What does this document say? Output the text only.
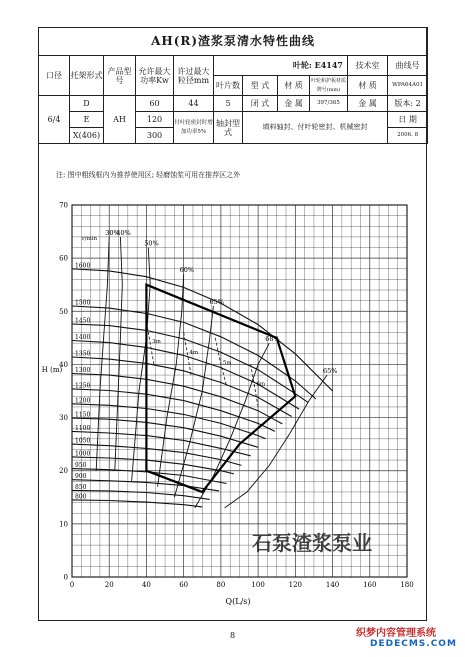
AH(R)渣浆泵清水特性曲线										
口径	托架形式	产品型号	允许最大功率Kw	许过最大粒径mm	叶轮: E4147				技术室	曲线号
					叶片数	型 式	材 质	叶轮和护板材质牌号(mm)	材 质	WPA64A01
6/4	D	AH	60	44	5	闭 式	金 属	397/365	金 属	版本: 2
	E		120	付叶轮密封时增加功率5%	轴封型式	填料轴封、付叶轮密封、机械密封				日 期
	X(406)		300							2006. 8
注: 图中粗线框内为推荐使用区; 轻磨蚀浆可用在推荐区之外
1600
1500
1450
1400
1350
1300
1250
1200
1150
1100
1050
1000
950
900
850
800
30%
40%
50%
60%
65%
68%
65%
3m
4m
5m
6m
0	20	40	60	80	100	120	140	160	180
0
10
20
30
40
50
60
70
Q(L/s)
H (m)
r/min
石泵渣浆泵业
8	织梦内容管理系统
DEDECMS.COM
